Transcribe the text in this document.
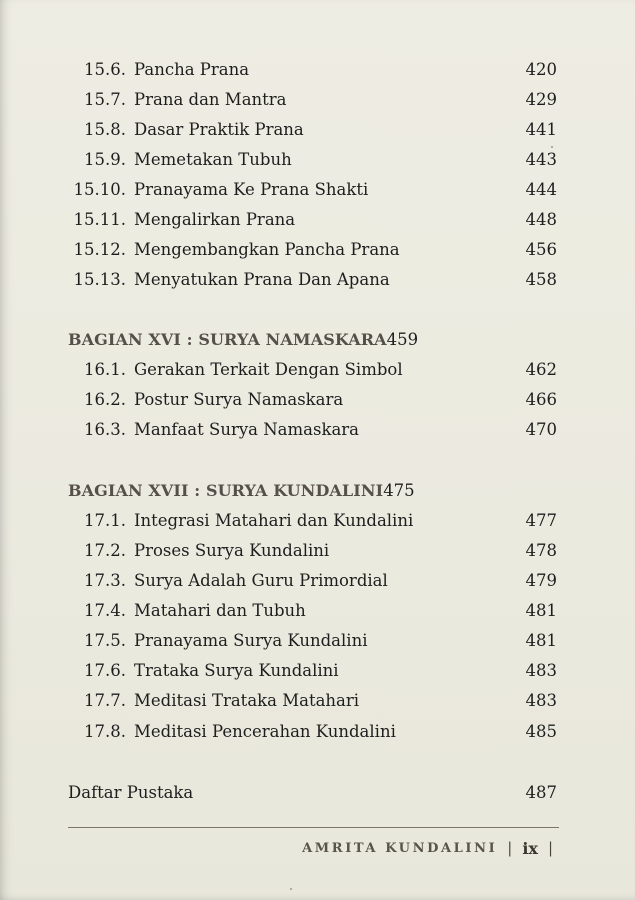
15.6. Pancha Prana	420
15.7. Prana dan Mantra	429
15.8. Dasar Praktik Prana	441
15.9. Memetakan Tubuh	443
15.10. Pranayama Ke Prana Shakti	444
15.11. Mengalirkan Prana	448
15.12. Mengembangkan Pancha Prana	456
15.13. Menyatukan Prana Dan Apana	458
BAGIAN XVI : SURYA NAMASKARA 459
16.1. Gerakan Terkait Dengan Simbol	462
16.2. Postur Surya Namaskara	466
16.3. Manfaat Surya Namaskara	470
BAGIAN XVII : SURYA KUNDALINI 475
17.1. Integrasi Matahari dan Kundalini	477
17.2. Proses Surya Kundalini	478
17.3. Surya Adalah Guru Primordial	479
17.4. Matahari dan Tubuh	481
17.5. Pranayama Surya Kundalini	481
17.6. Trataka Surya Kundalini	483
17.7. Meditasi Trataka Matahari	483
17.8. Meditasi Pencerahan Kundalini	485
Daftar Pustaka	487
AMRITA KUNDALINI | ix |
